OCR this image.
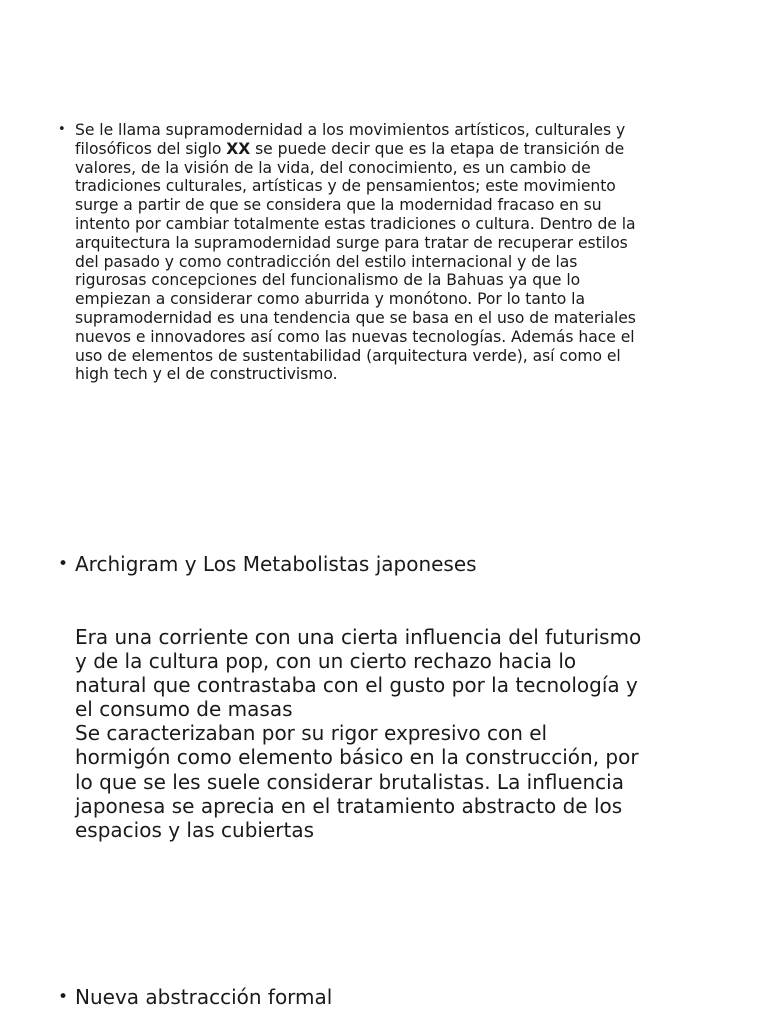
• Se le llama supramodernidad a los movimientos artísticos, culturales y
filosóficos del siglo XX se puede decir que es la etapa de transición de
valores, de la visión de la vida, del conocimiento, es un cambio de
tradiciones culturales, artísticas y de pensamientos; este movimiento
surge a partir de que se considera que la modernidad fracaso en su
intento por cambiar totalmente estas tradiciones o cultura. Dentro de la
arquitectura la supramodernidad surge para tratar de recuperar estilos
del pasado y como contradicción del estilo internacional y de las
rigurosas concepciones del funcionalismo de la Bahuas ya que lo
empiezan a considerar como aburrida y monótono. Por lo tanto la
supramodernidad es una tendencia que se basa en el uso de materiales
nuevos e innovadores así como las nuevas tecnologías. Además hace el
uso de elementos de sustentabilidad (arquitectura verde), así como el
high tech y el de constructivismo.

• Archigram y Los Metabolistas japoneses

Era una corriente con una cierta influencia del futurismo
y de la cultura pop, con un cierto rechazo hacia lo
natural que contrastaba con el gusto por la tecnología y
el consumo de masas
Se caracterizaban por su rigor expresivo con el
hormigón como elemento básico en la construcción, por
lo que se les suele considerar brutalistas. La influencia
japonesa se aprecia en el tratamiento abstracto de los
espacios y las cubiertas

• Nueva abstracción formal
